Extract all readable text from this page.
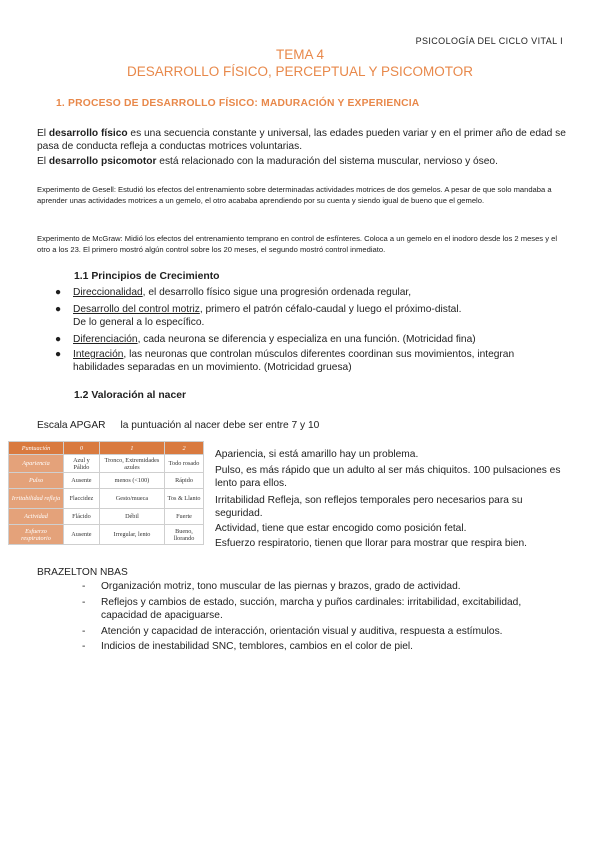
PSICOLOGÍA DEL CICLO VITAL I
TEMA 4
DESARROLLO FÍSICO, PERCEPTUAL Y PSICOMOTOR
1. PROCESO DE DESARROLLO FÍSICO: MADURACIÓN Y EXPERIENCIA
El desarrollo físico es una secuencia constante y universal, las edades pueden variar y en el primer año de edad se pasa de conducta refleja a conductas motrices voluntarias.
El desarrollo psicomotor está relacionado con la maduración del sistema muscular, nervioso y óseo.
Experimento de Gesell: Estudió los efectos del entrenamiento sobre determinadas actividades motrices de dos gemelos. A pesar de que solo mandaba a aprender unas actividades motrices a un gemelo, el otro acababa aprendiendo por su cuenta y siendo igual de bueno que el gemelo.
Experimento de McGraw: Midió los efectos del entrenamiento temprano en control de esfínteres. Coloca a un gemelo en el inodoro desde los 2 meses y el otro a los 23. El primero mostró algún control sobre los 20 meses, el segundo mostró control inmediato.
1.1 Principios de Crecimiento
● Direccionalidad, el desarrollo físico sigue una progresión ordenada regular,
● Desarrollo del control motriz, primero el patrón céfalo-caudal y luego el próximo-distal.
De lo general a lo específico.
● Diferenciación, cada neurona se diferencia y especializa en una función. (Motricidad fina)
● Integración, las neuronas que controlan músculos diferentes coordinan sus movimientos, integran habilidades separadas en un movimiento. (Motricidad gruesa)
1.2 Valoración al nacer
Escala APGAR la puntuación al nacer debe ser entre 7 y 10
Puntuación	0	1	2
Apariencia	Azul y Pálido	Tronco, Extremidades azules	Todo rosado
Pulso	Ausente	menos (<100)	Rápido
Irritabilidad refleja	Flaccidez	Gesto/mueca	Tos & Llanto
Actividad	Flácido	Débil	Fuerte
Esfuerzo respiratorio	Ausente	Irregular, lento	Bueno, llorando
Apariencia, si está amarillo hay un problema.
Pulso, es más rápido que un adulto al ser más chiquitos. 100 pulsaciones es lento para ellos.
Irritabilidad Refleja, son reflejos temporales pero necesarios para su seguridad.
Actividad, tiene que estar encogido como posición fetal.
Esfuerzo respiratorio, tienen que llorar para mostrar que respira bien.
BRAZELTON NBAS
- Organización motriz, tono muscular de las piernas y brazos, grado de actividad.
- Reflejos y cambios de estado, succión, marcha y puños cardinales: irritabilidad, excitabilidad, capacidad de apaciguarse.
- Atención y capacidad de interacción, orientación visual y auditiva, respuesta a estímulos.
- Indicios de inestabilidad SNC, temblores, cambios en el color de piel.
